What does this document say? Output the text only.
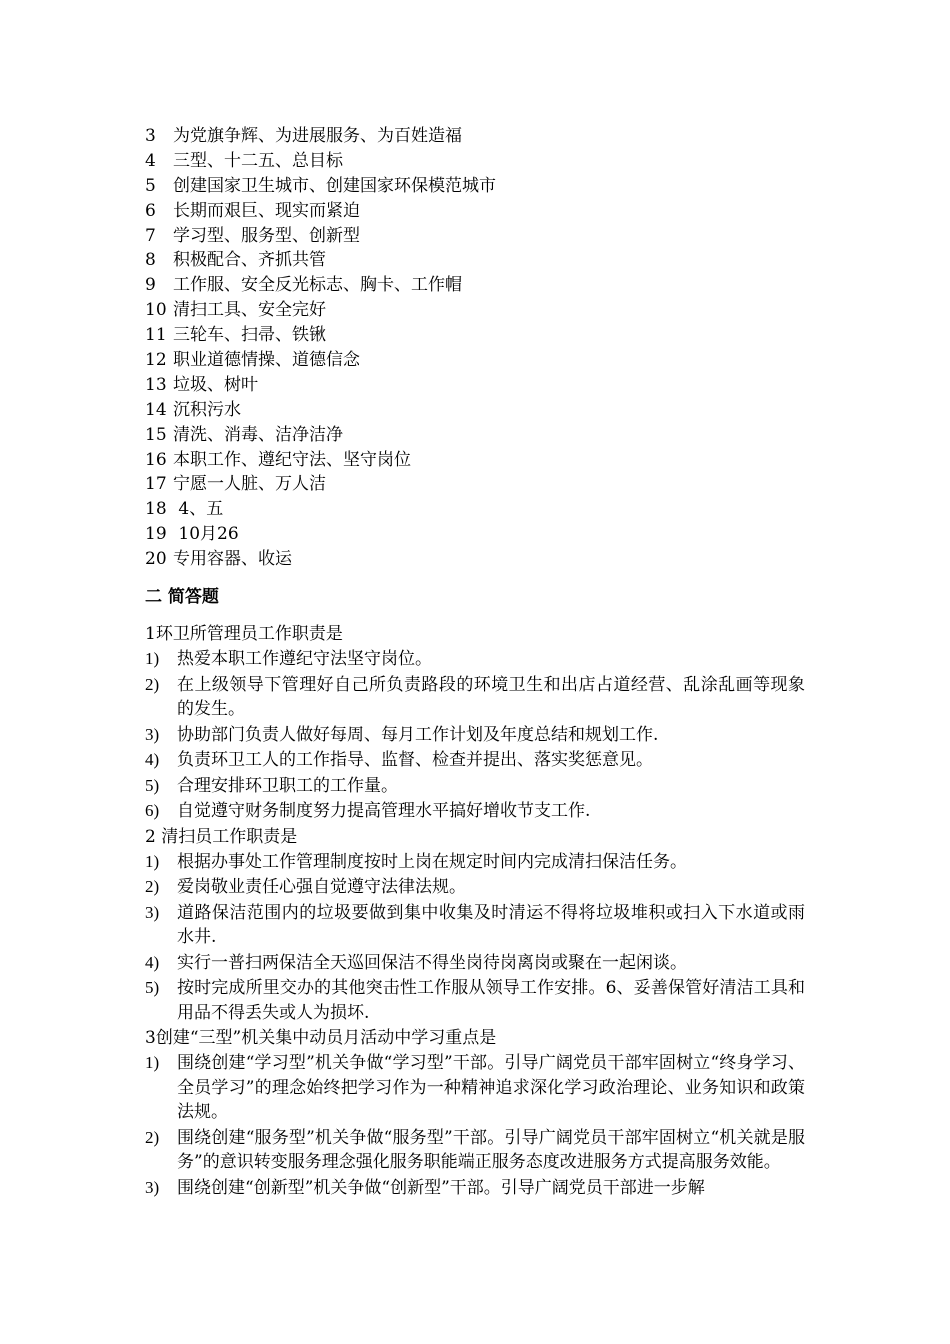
3	为党旗争辉、为进展服务、为百姓造福
4	三型、十二五、总目标
5	创建国家卫生城市、创建国家环保模范城市
6	长期而艰巨、现实而紧迫
7	学习型、服务型、创新型
8	积极配合、齐抓共管
9	工作服、安全反光标志、胸卡、工作帽
10 清扫工具、安全完好
11 三轮车、扫帚、铁锹
12 职业道德情操、道德信念
13 垃圾、树叶
14 沉积污水
15 清洗、消毒、洁净洁净
16 本职工作、遵纪守法、坚守岗位
17 宁愿一人脏、万人洁
18 4、五
19 10月26
20 专用容器、收运
二 简答题
1环卫所管理员工作职责是
1)	热爱本职工作遵纪守法坚守岗位。
2)	在上级领导下管理好自己所负责路段的环境卫生和出店占道经营、乱涂乱画等现象的发生。
3)	协助部门负责人做好每周、每月工作计划及年度总结和规划工作.
4)	负责环卫工人的工作指导、监督、检查并提出、落实奖惩意见。
5)	合理安排环卫职工的工作量。
6)	自觉遵守财务制度努力提高管理水平搞好增收节支工作.
2 清扫员工作职责是
1)	根据办事处工作管理制度按时上岗在规定时间内完成清扫保洁任务。
2)	爱岗敬业责任心强自觉遵守法律法规。
3)	道路保洁范围内的垃圾要做到集中收集及时清运不得将垃圾堆积或扫入下水道或雨水井.
4)	实行一普扫两保洁全天巡回保洁不得坐岗待岗离岗或聚在一起闲谈。
5)	按时完成所里交办的其他突击性工作服从领导工作安排。6、妥善保管好清洁工具和用品不得丢失或人为损坏.
3创建“三型”机关集中动员月活动中学习重点是
1)	围绕创建“学习型”机关争做“学习型”干部。引导广阔党员干部牢固树立“终身学习、全员学习”的理念始终把学习作为一种精神追求深化学习政治理论、业务知识和政策法规。
2)	围绕创建“服务型”机关争做“服务型”干部。引导广阔党员干部牢固树立“机关就是服务”的意识转变服务理念强化服务职能端正服务态度改进服务方式提高服务效能。
3)	围绕创建“创新型”机关争做“创新型”干部。引导广阔党员干部进一步解
